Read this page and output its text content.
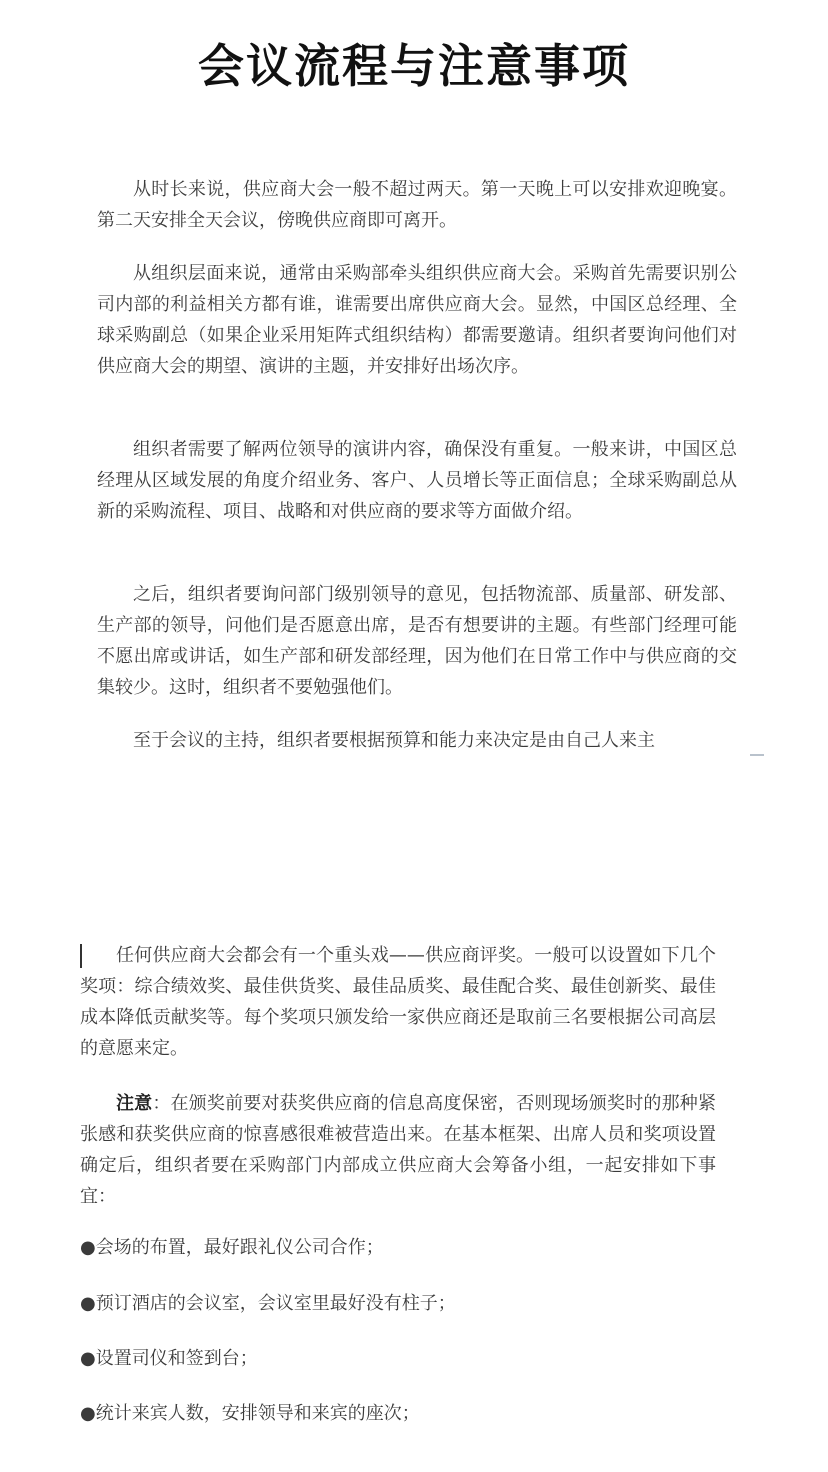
会议流程与注意事项

从时长来说，供应商大会一般不超过两天。第一天晚上可以安排欢迎晚宴。第二天安排全天会议，傍晚供应商即可离开。

从组织层面来说，通常由采购部牵头组织供应商大会。采购首先需要识别公司内部的利益相关方都有谁，谁需要出席供应商大会。显然，中国区总经理、全球采购副总（如果企业采用矩阵式组织结构）都需要邀请。组织者要询问他们对供应商大会的期望、演讲的主题，并安排好出场次序。

组织者需要了解两位领导的演讲内容，确保没有重复。一般来讲，中国区总经理从区域发展的角度介绍业务、客户、人员增长等正面信息；全球采购副总从新的采购流程、项目、战略和对供应商的要求等方面做介绍。

之后，组织者要询问部门级别领导的意见，包括物流部、质量部、研发部、生产部的领导，问他们是否愿意出席，是否有想要讲的主题。有些部门经理可能不愿出席或讲话，如生产部和研发部经理，因为他们在日常工作中与供应商的交集较少。这时，组织者不要勉强他们。

至于会议的主持，组织者要根据预算和能力来决定是由自己人来主

任何供应商大会都会有一个重头戏——供应商评奖。一般可以设置如下几个奖项：综合绩效奖、最佳供货奖、最佳品质奖、最佳配合奖、最佳创新奖、最佳成本降低贡献奖等。每个奖项只颁发给一家供应商还是取前三名要根据公司高层的意愿来定。

注意：在颁奖前要对获奖供应商的信息高度保密，否则现场颁奖时的那种紧张感和获奖供应商的惊喜感很难被营造出来。在基本框架、出席人员和奖项设置确定后，组织者要在采购部门内部成立供应商大会筹备小组，一起安排如下事宜：

●会场的布置，最好跟礼仪公司合作；

●预订酒店的会议室，会议室里最好没有柱子；

●设置司仪和签到台；

●统计来宾人数，安排领导和来宾的座次；
